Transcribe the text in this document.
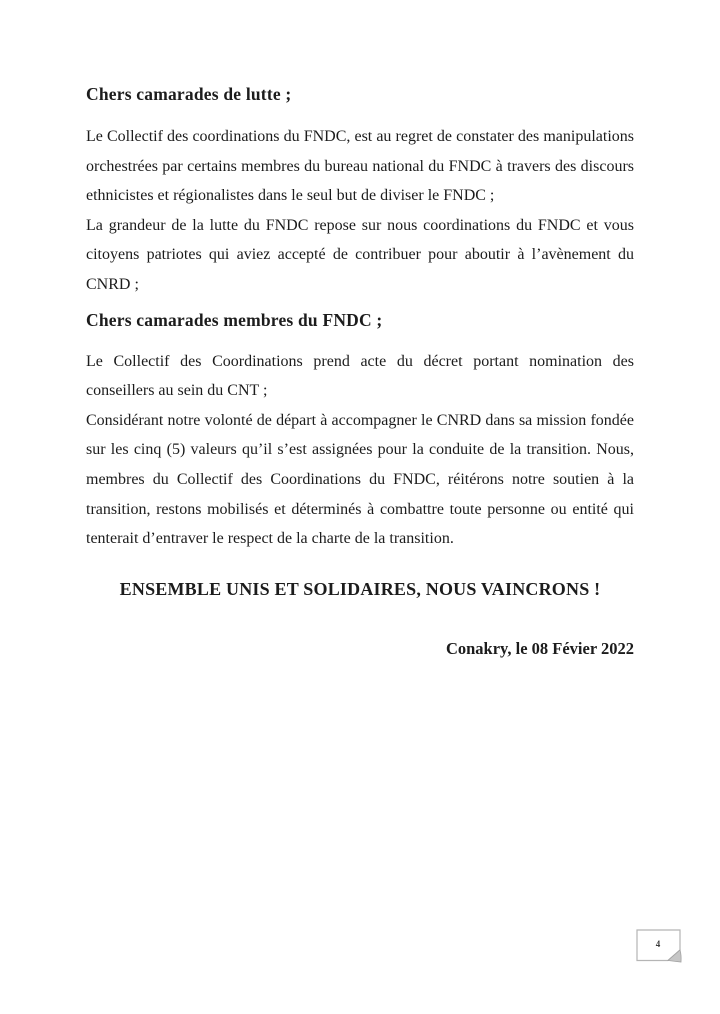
Chers camarades de lutte ;

Le Collectif des coordinations du FNDC, est au regret de constater des manipulations orchestrées par certains membres du bureau national du FNDC à travers des discours ethnicistes et régionalistes dans le seul but de diviser le FNDC ;

La grandeur de la lutte du FNDC repose sur nous coordinations du FNDC et vous citoyens patriotes qui aviez accepté de contribuer pour aboutir à l’avènement du CNRD ;

Chers camarades membres du FNDC ;

Le Collectif des Coordinations prend acte du décret portant nomination des conseillers au sein du CNT ;

Considérant notre volonté de départ à accompagner le CNRD dans sa mission fondée sur les cinq (5) valeurs qu’il s’est assignées pour la conduite de la transition. Nous, membres du Collectif des Coordinations du FNDC, réitérons notre soutien à la transition, restons mobilisés et déterminés à combattre toute personne ou entité qui tenterait d’entraver le respect de la charte de la transition.

ENSEMBLE UNIS ET SOLIDAIRES, NOUS VAINCRONS !

Conakry, le 08 Févier 2022

4
